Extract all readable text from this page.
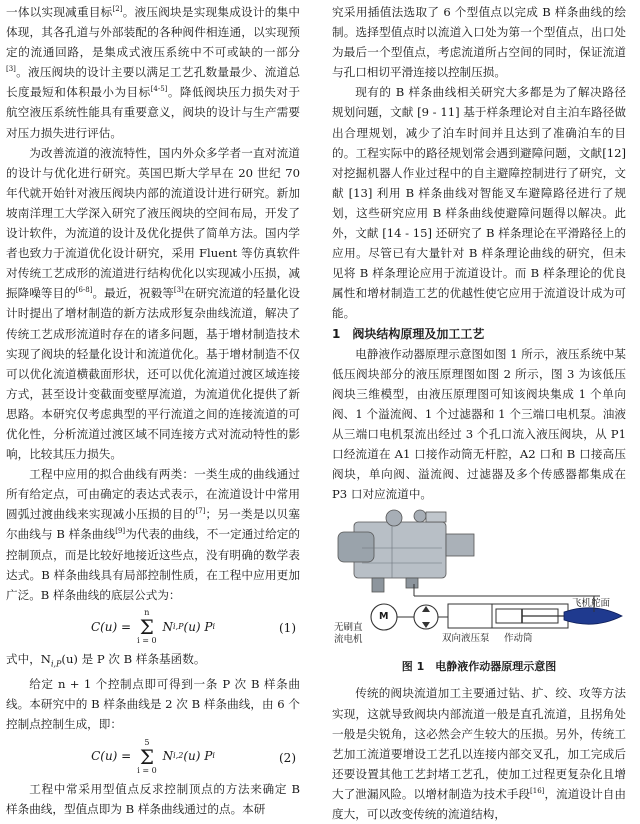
一体以实现减重目标[2]。液压阀块是实现集成设计的集中体现，其各孔道与外部装配的各种阀件相连通，以实现预定的流通回路，是集成式液压系统中不可或缺的一部分[3]。液压阀块的设计主要以满足工艺孔数量最少、流道总长度最短和体积最小为目标[4-5]。降低阀块压力损失对于航空液压系统性能具有重要意义，阀块的设计与生产需要对压力损失进行评估。

为改善流道的液流特性，国内外众多学者一直对流道的设计与优化进行研究。英国巴斯大学早在 20 世纪 70 年代就开始针对液压阀块内部的流道设计进行研究。新加坡南洋理工大学深入研究了液压阀块的空间布局，开发了设计软件，为流道的设计及优化提供了简单方法。国内学者也致力于流道优化设计研究，采用 Fluent 等仿真软件对传统工艺成形的流道进行结构优化以实现减小压损，减振降噪等目的[6-8]。最近，祝毅等[3]在研究流道的轻量化设计时提出了增材制造的新方法成形复杂曲线流道，解决了传统工艺成形流道时存在的诸多问题，基于增材制造技术实现了阀块的轻量化设计和流道优化。基于增材制造不仅可以优化流道横截面形状，还可以优化流道过渡区域连接方式，甚至设计变截面变壁厚流道，为流道优化提供了新思路。本研究仅考虑典型的平行流道之间的连接流道的可优化性，分析流道过渡区域不同连接方式对流动特性的影响，比较其压力损失。

工程中应用的拟合曲线有两类：一类生成的曲线通过所有给定点，可由确定的表达式表示，在流道设计中常用圆弧过渡曲线来实现减小压损的目的[7]；另一类是以贝塞尔曲线与 B 样条曲线[9]为代表的曲线，不一定通过给定的控制顶点，而是比较好地接近这些点，没有明确的数学表达式。B 样条曲线具有局部控制性质，在工程中应用更加广泛。B 样条曲线的底层公式为：

C(u) =
n
Σ
i = 0
N i,P (u) P i	(1)

式中，$N_{i,P}(u)$ 是 P 次 B 样条基函数。

给定 n + 1 个控制点即可得到一条 P 次 B 样条曲线。本研究中的 B 样条曲线是 2 次 B 样条曲线，由 6 个控制点控制生成，即：

C(u) =
5
Σ
i = 0
N i,2 (u) P i	(2)

工程中常采用型值点反求控制顶点的方法来确定 B 样条曲线，型值点即为 B 样条曲线通过的点。本研

究采用插值法选取了 6 个型值点以完成 B 样条曲线的绘制。选择型值点时以流道入口处为第一个型值点，出口处为最后一个型值点，考虑流道所占空间的同时，保证流道与孔口相切平滑连接以控制压损。

现有的 B 样条曲线相关研究大多都是为了解决路径规划问题，文献 [9 - 11] 基于样条理论对自主泊车路径做出合理规划，减少了泊车时间并且达到了准确泊车的目的。工程实际中的路径规划常会遇到避障问题，文献[12]对挖掘机器人作业过程中的自主避障控制进行了研究，文献 [13] 利用 B 样条曲线对智能叉车避障路径进行了规划，这些研究应用 B 样条曲线使避障问题得以解决。此外，文献 [14 - 15] 还研究了 B 样条理论在平滑路径上的应用。尽管已有大量针对 B 样条理论曲线的研究，但未见将 B 样条理论应用于流道设计。而 B 样条理论的优良属性和增材制造工艺的优越性使它应用于流道设计成为可能。

1　阀块结构原理及加工工艺

电静液作动器原理示意图如图 1 所示，液压系统中某低压阀块部分的液压原理图如图 2 所示，图 3 为该低压阀块三维模型，由液压原理图可知该阀块集成 1 个单向阀、1 个溢流阀、1 个过滤器和 1 个三端口电机泵。油液从三端口电机泵流出经过 3 个孔口流入液压阀块，从 P1 口经流道在 A1 口接作动筒无杆腔，A2 口和 B 口接高压阀块，单向阀、溢流阀、过滤器及多个传感器都集成在 P3 口对应流道中。

M
无刷直
流电机	双向液压泵 作动筒
飞机舵面

图 1　电静液作动器原理示意图

传统的阀块流道加工主要通过钻、扩、绞、攻等方法实现，这就导致阀块内部流道一般是直孔流道，且拐角处一般是尖锐角，这必然会产生较大的压损。另外，传统工艺加工流道要增设工艺孔以连接内部交叉孔，加工完成后还要设置其他工艺封堵工艺孔，使加工过程更复杂化且增大了泄漏风险。以增材制造为技术手段[16]，流道设计自由度大，可以改变传统的流道结构，
